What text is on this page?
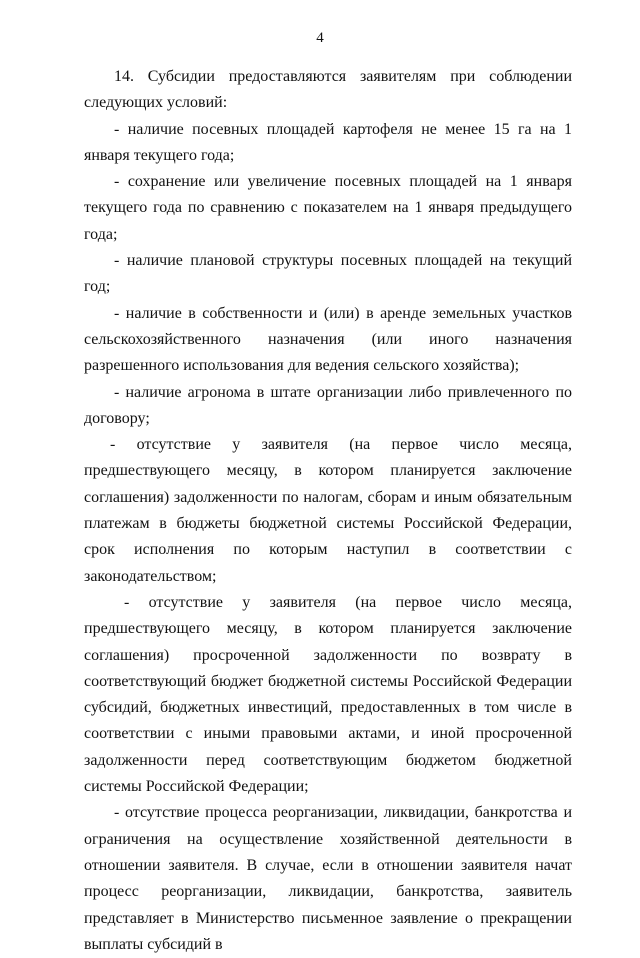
4

14. Субсидии предоставляются заявителям при соблюдении следующих условий:

- наличие посевных площадей картофеля не менее 15 га на 1 января текущего года;

- сохранение или увеличение посевных площадей на 1 января текущего года по сравнению с показателем на 1 января предыдущего года;

- наличие плановой структуры посевных площадей на текущий год;

- наличие в собственности и (или) в аренде земельных участков сельскохозяйственного назначения (или иного назначения разрешенного использования для ведения сельского хозяйства);

- наличие агронома в штате организации либо привлеченного по договору;

- отсутствие у заявителя (на первое число месяца, предшествующего месяцу, в котором планируется заключение соглашения) задолженности по налогам, сборам и иным обязательным платежам в бюджеты бюджетной системы Российской Федерации, срок исполнения по которым наступил в соответствии с законодательством;

- отсутствие у заявителя (на первое число месяца, предшествующего месяцу, в котором планируется заключение соглашения) просроченной задолженности по возврату в соответствующий бюджет бюджетной системы Российской Федерации субсидий, бюджетных инвестиций, предоставленных в том числе в соответствии с иными правовыми актами, и иной просроченной задолженности перед соответствующим бюджетом бюджетной системы Российской Федерации;

- отсутствие процесса реорганизации, ликвидации, банкротства и ограничения на осуществление хозяйственной деятельности в отношении заявителя. В случае, если в отношении заявителя начат процесс реорганизации, ликвидации, банкротства, заявитель представляет в Министерство письменное заявление о прекращении выплаты субсидий в
